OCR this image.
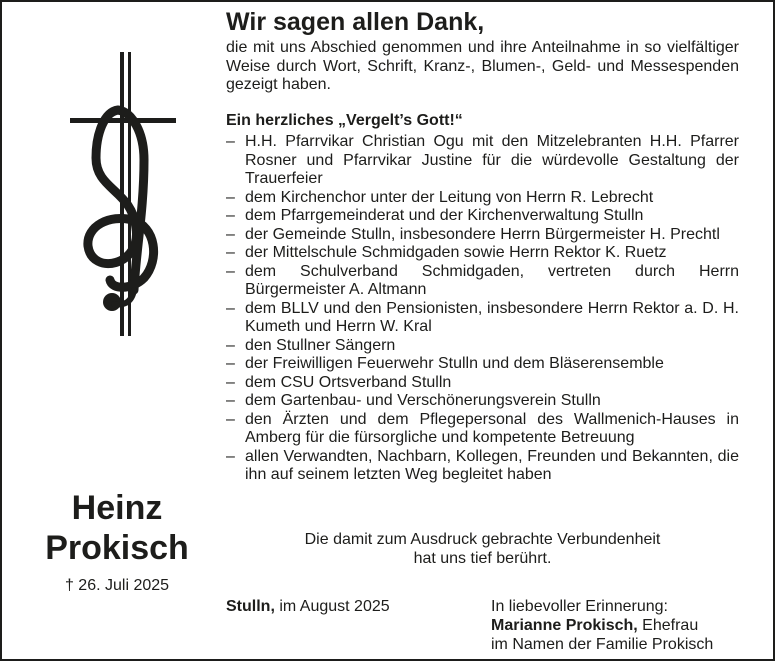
Heinz
Prokisch
† 26. Juli 2025
Wir sagen allen Dank,
die mit uns Abschied genommen und ihre Anteilnahme in so vielfältiger Weise durch Wort, Schrift, Kranz-, Blumen-, Geld- und Messespenden gezeigt haben.
Ein herzliches „Vergelt’s Gott!“
– H.H. Pfarrvikar Christian Ogu mit den Mitzelebranten H.H. Pfarrer Rosner und Pfarrvikar Justine für die würdevolle Gestaltung der Trauerfeier
– dem Kirchenchor unter der Leitung von Herrn R. Lebrecht
– dem Pfarrgemeinderat und der Kirchenverwaltung Stulln
– der Gemeinde Stulln, insbesondere Herrn Bürgermeister H. Prechtl
– der Mittelschule Schmidgaden sowie Herrn Rektor K. Ruetz
– dem Schulverband Schmidgaden, vertreten durch Herrn Bürgermeister A. Altmann
– dem BLLV und den Pensionisten, insbesondere Herrn Rektor a. D. H. Kumeth und Herrn W. Kral
– den Stullner Sängern
– der Freiwilligen Feuerwehr Stulln und dem Bläserensemble
– dem CSU Ortsverband Stulln
– dem Gartenbau- und Verschönerungsverein Stulln
– den Ärzten und dem Pflegepersonal des Wallmenich-Hauses in Amberg für die fürsorgliche und kompetente Betreuung
– allen Verwandten, Nachbarn, Kollegen, Freunden und Bekannten, die ihn auf seinem letzten Weg begleitet haben
Die damit zum Ausdruck gebrachte Verbundenheit
hat uns tief berührt.
Stulln, im August 2025	In liebevoller Erinnerung:
Marianne Prokisch, Ehefrau
im Namen der Familie Prokisch
